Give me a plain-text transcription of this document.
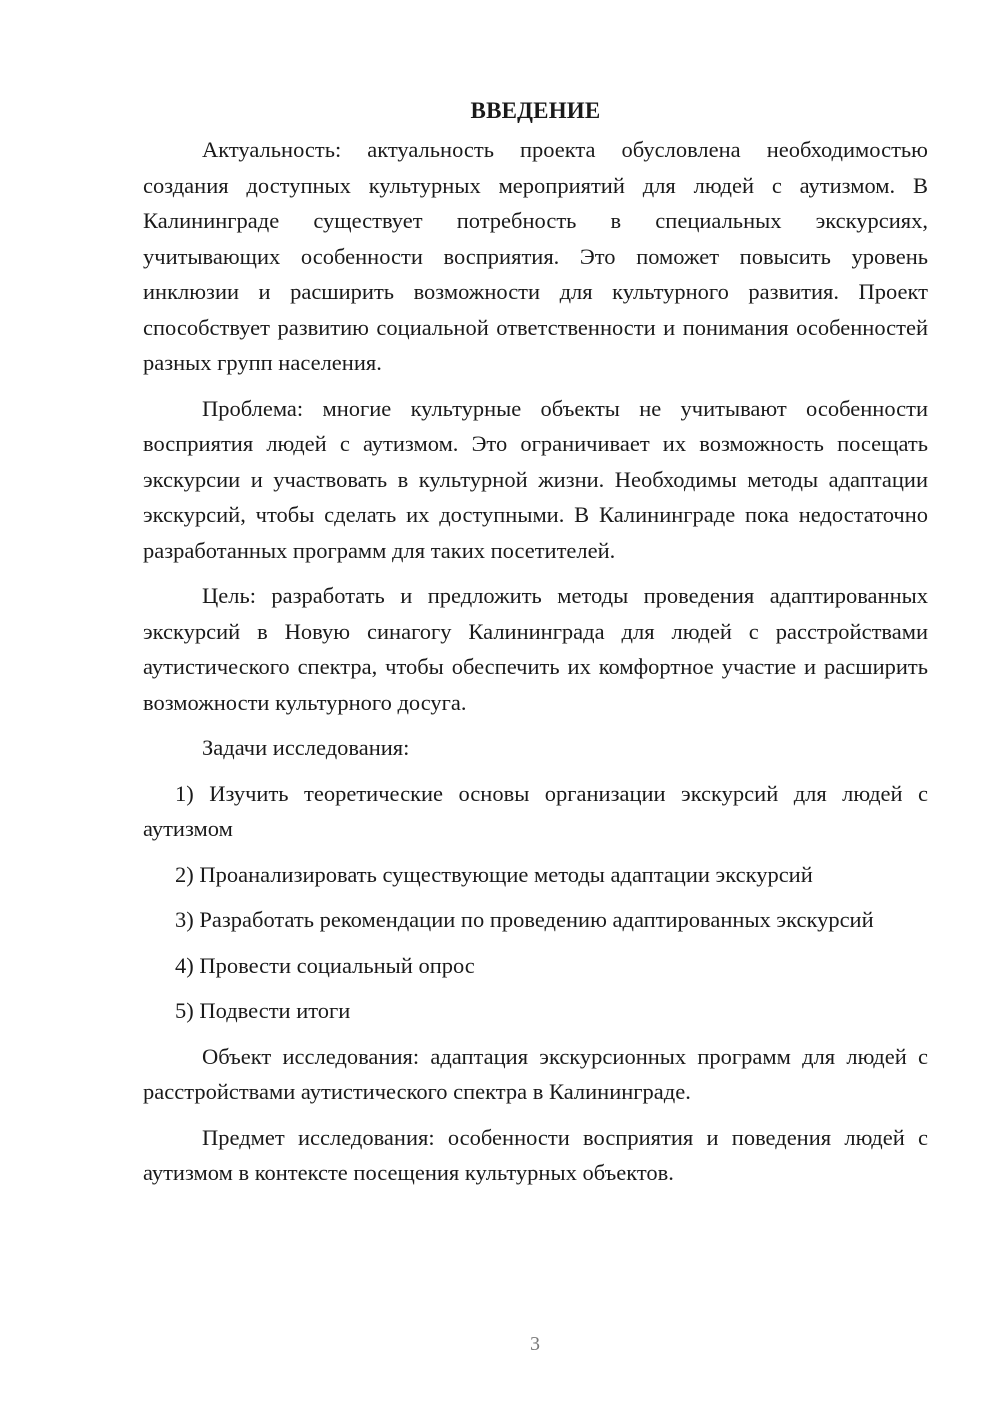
ВВЕДЕНИЕ

Актуальность: актуальность проекта обусловлена необходимостью создания доступных культурных мероприятий для людей с аутизмом. В Калининграде существует потребность в специальных экскурсиях, учитывающих особенности восприятия. Это поможет повысить уровень инклюзии и расширить возможности для культурного развития. Проект способствует развитию социальной ответственности и понимания особенностей разных групп населения.

Проблема: многие культурные объекты не учитывают особенности восприятия людей с аутизмом. Это ограничивает их возможность посещать экскурсии и участвовать в культурной жизни. Необходимы методы адаптации экскурсий, чтобы сделать их доступными. В Калининграде пока недостаточно разработанных программ для таких посетителей.

Цель: разработать и предложить методы проведения адаптированных экскурсий в Новую синагогу Калининграда для людей с расстройствами аутистического спектра, чтобы обеспечить их комфортное участие и расширить возможности культурного досуга.

Задачи исследования:

1) Изучить теоретические основы организации экскурсий для людей с аутизмом

2) Проанализировать существующие методы адаптации экскурсий

3) Разработать рекомендации по проведению адаптированных экскурсий

4) Провести социальный опрос

5) Подвести итоги

Объект исследования: адаптация экскурсионных программ для людей с расстройствами аутистического спектра в Калининграде.

Предмет исследования: особенности восприятия и поведения людей с аутизмом в контексте посещения культурных объектов.

3
